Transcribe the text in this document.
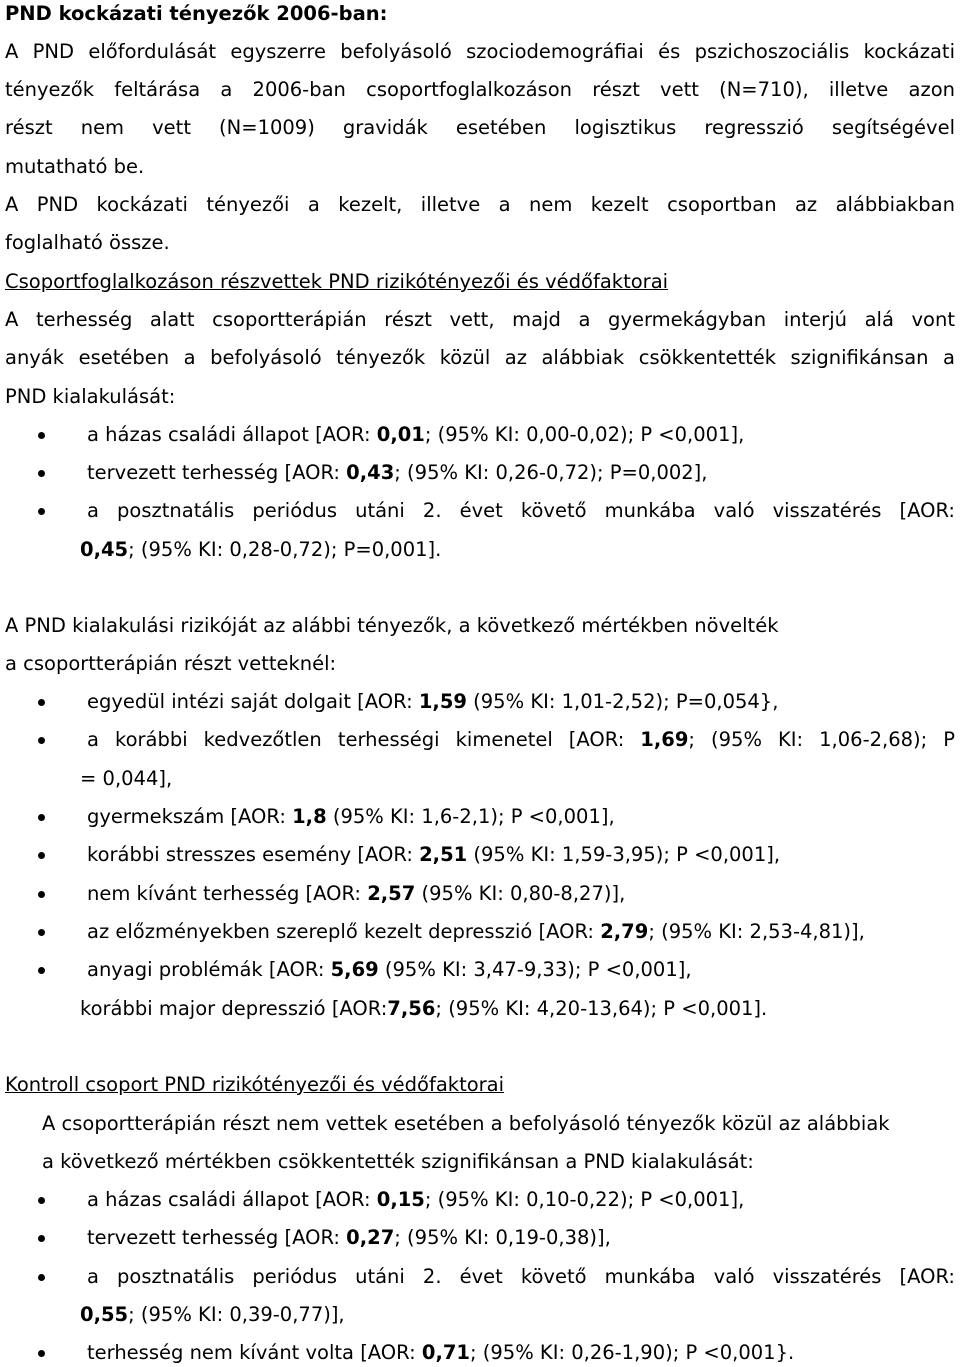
PND kockázati tényezők 2006-ban:
A PND előfordulását egyszerre befolyásoló szociodemográfiai és pszichoszociális kockázati
tényezők feltárása a 2006-ban csoportfoglalkozáson részt vett (N=710), illetve azon
részt nem vett (N=1009) gravidák esetében logisztikus regresszió segítségével
mutatható be.
A PND kockázati tényezői a kezelt, illetve a nem kezelt csoportban az alábbiakban
foglalható össze.
Csoportfoglalkozáson részvettek PND rizikótényezői és védőfaktorai
A terhesség alatt csoportterápián részt vett, majd a gyermekágyban interjú alá vont
anyák esetében a befolyásoló tényezők közül az alábbiak csökkentették szignifikánsan a
PND kialakulását:
a házas családi állapot [AOR: 0,01; (95% KI: 0,00-0,02); P <0,001],
tervezett terhesség [AOR: 0,43; (95% KI: 0,26-0,72); P=0,002],
a posztnatális periódus utáni 2. évet követő munkába való visszatérés [AOR:
0,45; (95% KI: 0,28-0,72); P=0,001].
A PND kialakulási rizikóját az alábbi tényezők, a következő mértékben növelték
a csoportterápián részt vetteknél:
egyedül intézi saját dolgait [AOR: 1,59 (95% KI: 1,01-2,52); P=0,054},
a korábbi kedvezőtlen terhességi kimenetel [AOR: 1,69; (95% KI: 1,06-2,68); P
= 0,044],
gyermekszám [AOR: 1,8 (95% KI: 1,6-2,1); P <0,001],
korábbi stresszes esemény [AOR: 2,51 (95% KI: 1,59-3,95); P <0,001],
nem kívánt terhesség [AOR: 2,57 (95% KI: 0,80-8,27)],
az előzményekben szereplő kezelt depresszió [AOR: 2,79; (95% KI: 2,53-4,81)],
anyagi problémák [AOR: 5,69 (95% KI: 3,47-9,33); P <0,001],
korábbi major depresszió [AOR:7,56; (95% KI: 4,20-13,64); P <0,001].
Kontroll csoport PND rizikótényezői és védőfaktorai
A csoportterápián részt nem vettek esetében a befolyásoló tényezők közül az alábbiak
a következő mértékben csökkentették szignifikánsan a PND kialakulását:
a házas családi állapot [AOR: 0,15; (95% KI: 0,10-0,22); P <0,001],
tervezett terhesség [AOR: 0,27; (95% KI: 0,19-0,38)],
a posztnatális periódus utáni 2. évet követő munkába való visszatérés [AOR:
0,55; (95% KI: 0,39-0,77)],
terhesség nem kívánt volta [AOR: 0,71; (95% KI: 0,26-1,90); P <0,001}.
